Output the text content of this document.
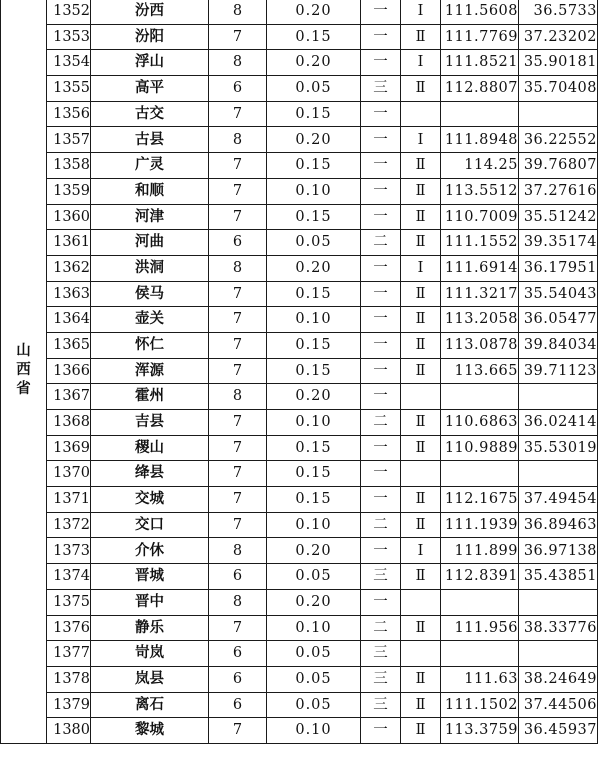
山西省	1352	汾西	8	0.20	一	Ⅰ	111.5608	36.5733
	1353	汾阳	7	0.15	一	Ⅱ	111.7769	37.23202
	1354	浮山	8	0.20	一	Ⅰ	111.8521	35.90181
	1355	高平	6	0.05	三	Ⅱ	112.8807	35.70408
	1356	古交	7	0.15	一			
	1357	古县	8	0.20	一	Ⅰ	111.8948	36.22552
	1358	广灵	7	0.15	一	Ⅱ	114.25	39.76807
	1359	和顺	7	0.10	一	Ⅱ	113.5512	37.27616
	1360	河津	7	0.15	一	Ⅱ	110.7009	35.51242
	1361	河曲	6	0.05	二	Ⅱ	111.1552	39.35174
	1362	洪洞	8	0.20	一	Ⅰ	111.6914	36.17951
	1363	侯马	7	0.15	一	Ⅱ	111.3217	35.54043
	1364	壶关	7	0.10	一	Ⅱ	113.2058	36.05477
	1365	怀仁	7	0.15	一	Ⅱ	113.0878	39.84034
	1366	浑源	7	0.15	一	Ⅱ	113.665	39.71123
	1367	霍州	8	0.20	一			
	1368	吉县	7	0.10	二	Ⅱ	110.6863	36.02414
	1369	稷山	7	0.15	一	Ⅱ	110.9889	35.53019
	1370	绛县	7	0.15	一			
	1371	交城	7	0.15	一	Ⅱ	112.1675	37.49454
	1372	交口	7	0.10	二	Ⅱ	111.1939	36.89463
	1373	介休	8	0.20	一	Ⅰ	111.899	36.97138
	1374	晋城	6	0.05	三	Ⅱ	112.8391	35.43851
	1375	晋中	8	0.20	一			
	1376	静乐	7	0.10	二	Ⅱ	111.956	38.33776
	1377	岢岚	6	0.05	三			
	1378	岚县	6	0.05	三	Ⅱ	111.63	38.24649
	1379	离石	6	0.05	三	Ⅱ	111.1502	37.44506
	1380	黎城	7	0.10	一	Ⅱ	113.3759	36.45937
